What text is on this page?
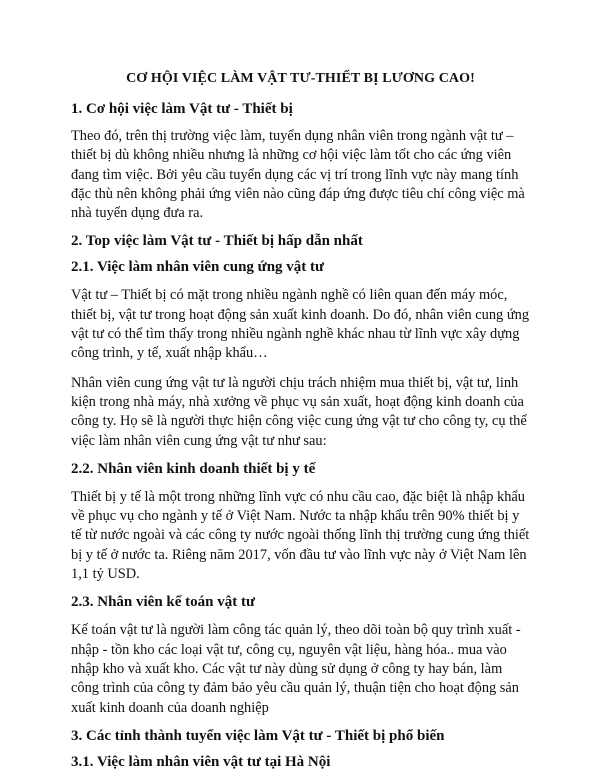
CƠ HỘI VIỆC LÀM VẬT TƯ-THIẾT BỊ LƯƠNG CAO!
1. Cơ hội việc làm Vật tư - Thiết bị

Theo đó, trên thị trường việc làm, tuyển dụng nhân viên trong ngành vật tư – thiết bị dù không nhiều nhưng là những cơ hội việc làm tốt cho các ứng viên đang tìm việc. Bởi yêu cầu tuyển dụng các vị trí trong lĩnh vực này mang tính đặc thù nên không phải ứng viên nào cũng đáp ứng được tiêu chí công việc mà nhà tuyển dụng đưa ra.

2. Top việc làm Vật tư - Thiết bị hấp dẫn nhất
2.1. Việc làm nhân viên cung ứng vật tư

Vật tư – Thiết bị có mặt trong nhiều ngành nghề có liên quan đến máy móc, thiết bị, vật tư trong hoạt động sản xuất kinh doanh. Do đó, nhân viên cung ứng vật tư có thể tìm thấy trong nhiều ngành nghề khác nhau từ lĩnh vực xây dựng công trình, y tế, xuất nhập khẩu…

Nhân viên cung ứng vật tư là người chịu trách nhiệm mua thiết bị, vật tư, linh kiện trong nhà máy, nhà xưởng về phục vụ sản xuất, hoạt động kinh doanh của công ty. Họ sẽ là người thực hiện công việc cung ứng vật tư cho công ty, cụ thể việc làm nhân viên cung ứng vật tư như sau:

2.2. Nhân viên kinh doanh thiết bị y tế

Thiết bị y tế là một trong những lĩnh vực có nhu cầu cao, đặc biệt là nhập khẩu về phục vụ cho ngành y tế ở Việt Nam. Nước ta nhập khẩu trên 90% thiết bị y tế từ nước ngoài và các công ty nước ngoài thống lĩnh thị trường cung ứng thiết bị y tế ở nước ta. Riêng năm 2017, vốn đầu tư vào lĩnh vực này ở Việt Nam lên 1,1 tỷ USD.

2.3. Nhân viên kế toán vật tư

Kế toán vật tư là người làm công tác quản lý, theo dõi toàn bộ quy trình xuất - nhập - tồn kho các loại vật tư, công cụ, nguyên vật liệu, hàng hóa.. mua vào nhập kho và xuất kho. Các vật tư này dùng sử dụng ở công ty hay bán, làm công trình của công ty đảm bảo yêu cầu quản lý, thuận tiện cho hoạt động sản xuất kinh doanh của doanh nghiệp

3. Các tỉnh thành tuyển việc làm Vật tư - Thiết bị phổ biến
3.1. Việc làm nhân viên vật tư tại Hà Nội
